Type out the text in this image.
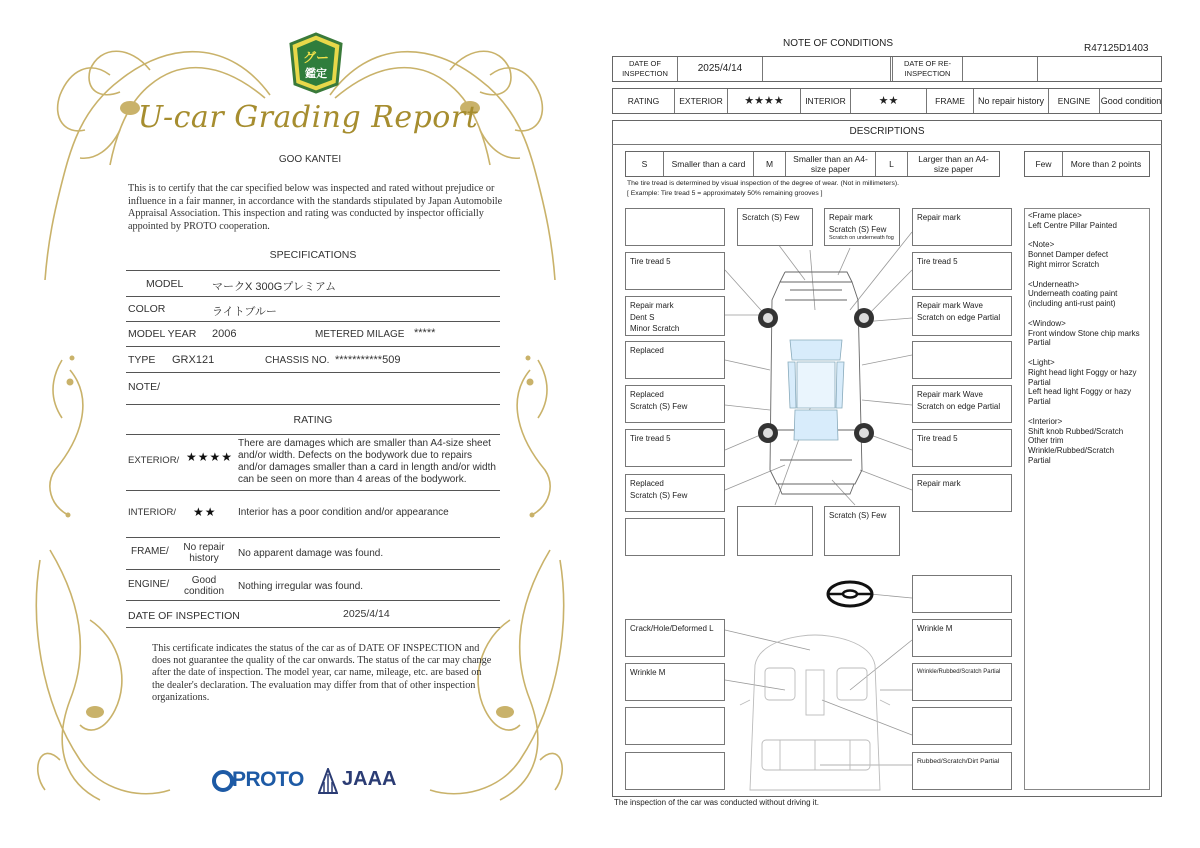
グー
鑑定
U-car Grading Report
GOO KANTEI
This is to certify that the car specified below was inspected and rated without prejudice or influence in a fair manner, in accordance with the standards stipulated by Japan Automobile Appraisal Association. This inspection and rating was conducted by inspector officially appointed by PROTO cooperation.
SPECIFICATIONS
MODEL	マークX 300Gプレミアム
COLOR	ライトブルー
MODEL YEAR 2006	METERED MILAGE *****
TYPE GRX121	CHASSIS NO. ***********509
NOTE/
RATING
EXTERIOR/ ★★★★
There are damages which are smaller than A4-size sheet and/or width. Defects on the bodywork due to repairs and/or damages smaller than a card in length and/or width can be seen on more than 4 areas of the bodywork.
INTERIOR/ ★★ Interior has a poor condition and/or appearance
FRAME/	No repair history	No apparent damage was found.
ENGINE/	Good condition	Nothing irregular was found.
DATE OF INSPECTION	2025/4/14
This certificate indicates the status of the car as of DATE OF INSPECTION and does not guarantee the quality of the car onwards. The status of the car may change after the date of inspection. The model year, car name, mileage, etc. are based on the dealer's declaration. The evaluation may differ from that of other inspection organizations.
PROTO JAAA
NOTE OF CONDITIONS	R47125D1403
DATE OF INSPECTION	2025/4/14	DATE OF RE-INSPECTION
RATING	EXTERIOR	★★★★	INTERIOR	★★	FRAME	No repair history	ENGINE	Good condition
DESCRIPTIONS
S	Smaller than a card	M	Smaller than an A4-size paper	L	Larger than an A4-size paper	Few	More than 2 points
The tire tread is determined by visual inspection of the degree of wear. (Not in millimeters).
[ Example: Tire tread 5 = approximately 50% remaining grooves ]
Tire tread 5
Repair mark
Dent S
Minor Scratch
Replaced
Replaced
Scratch (S) Few
Tire tread 5
Replaced
Scratch (S) Few
Scratch (S) Few	Repair mark
Scratch (S) Few
Scratch on underneath fog
Scratch (S) Few
Repair mark
Tire tread 5
Repair mark Wave
Scratch on edge Partial
Repair mark Wave
Scratch on edge Partial
Tire tread 5
Repair mark
Crack/Hole/Deformed L
Wrinkle M
Wrinkle M
Wrinkle/Rubbed/Scratch Partial
Rubbed/Scratch/Dirt Partial
<Frame place>
Left Centre Pillar Painted

<Note>
Bonnet Damper defect
Right mirror Scratch

<Underneath>
Underneath coating paint
(including anti-rust paint)

<Window>
Front window Stone chip marks
Partial

<Light>
Right head light Foggy or hazy
Partial
Left head light Foggy or hazy
Partial

<Interior>
Shift knob Rubbed/Scratch
Other trim
Wrinkle/Rubbed/Scratch
Partial
The inspection of the car was conducted without driving it.
